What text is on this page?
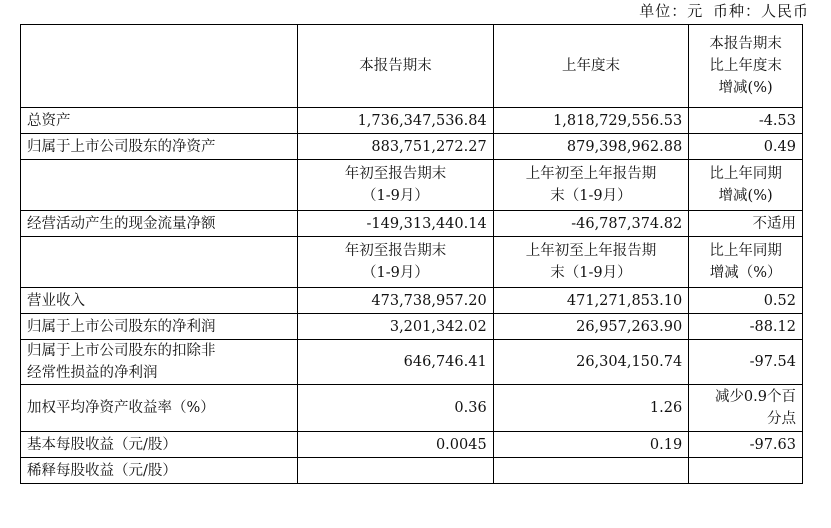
单位：元 币种：人民币
	本报告期末	上年度末	本报告期末
比上年度末
增减(%)

总资产	1,736,347,536.84	1,818,729,556.53	-4.53
归属于上市公司股东的净资产	883,751,272.27	879,398,962.88	0.49

	年初至报告期末
（1-9月）	上年初至上年报告期
末（1-9月）	比上年同期
增减(%)

经营活动产生的现金流量净额	-149,313,440.14	-46,787,374.82	不适用

	年初至报告期末
（1-9月）	上年初至上年报告期
末（1-9月）	比上年同期
增减（%）

营业收入	473,738,957.20	471,271,853.10	0.52
归属于上市公司股东的净利润	3,201,342.02	26,957,263.90	-88.12

归属于上市公司股东的扣除非
经常性损益的净利润	646,746.41	26,304,150.74	-97.54
加权平均净资产收益率（%）	0.36	1.26	减少0.9个百
分点

基本每股收益（元/股）	0.0045	0.19	-97.63
稀释每股收益（元/股）			
